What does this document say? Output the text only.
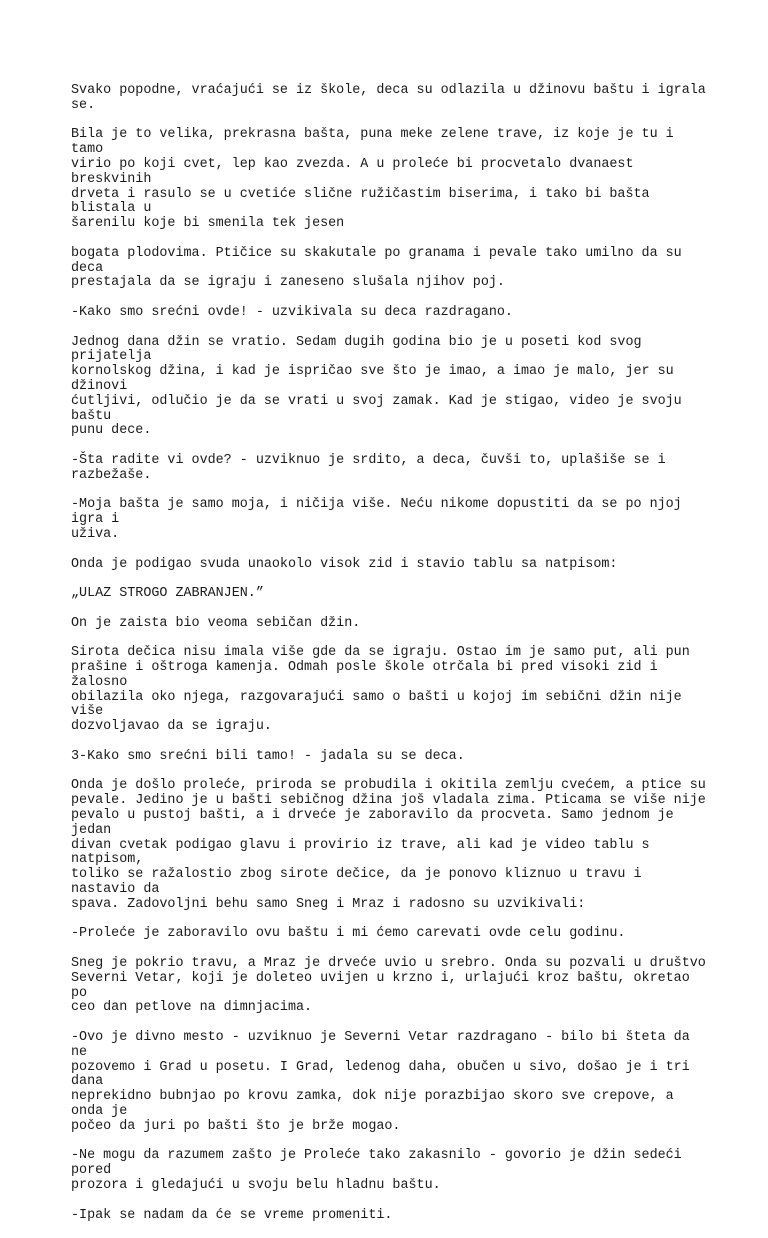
Svako popodne, vraćajući se iz škole, deca su odlazila u džinovu baštu i igrala se.

Bila je to velika, prekrasna bašta, puna meke zelene trave, iz koje je tu i tamo
virio po koji cvet, lep kao zvezda. A u proleće bi procvetalo dvanaest breskvinih
drveta i rasulo se u cvetiće slične ružičastim biserima, i tako bi bašta blistala u
šarenilu koje bi smenila tek jesen

bogata plodovima. Ptičice su skakutale po granama i pevale tako umilno da su deca
prestajala da se igraju i zaneseno slušala njihov poj.

-Kako smo srećni ovde! - uzvikivala su deca razdragano.

Jednog dana džin se vratio. Sedam dugih godina bio je u poseti kod svog prijatelja
kornolskog džina, i kad je ispričao sve što je imao, a imao je malo, jer su džinovi
ćutljivi, odlučio je da se vrati u svoj zamak. Kad je stigao, video je svoju baštu
punu dece.

-Šta radite vi ovde? - uzviknuo je srdito, a deca, čuvši to, uplašiše se i
razbežaše.

-Moja bašta je samo moja, i ničija više. Neću nikome dopustiti da se po njoj igra i
uživa.

Onda je podigao svuda unaokolo visok zid i stavio tablu sa natpisom:

„ULAZ STROGO ZABRANJEN.”

On je zaista bio veoma sebičan džin.

Sirota dečica nisu imala više gde da se igraju. Ostao im je samo put, ali pun
prašine i oštroga kamenja. Odmah posle škole otrčala bi pred visoki zid i žalosno
obilazila oko njega, razgovarajući samo o bašti u kojoj im sebični džin nije više
dozvoljavao da se igraju.

3-Kako smo srećni bili tamo! - jadala su se deca.

Onda je došlo proleće, priroda se probudila i okitila zemlju cvećem, a ptice su
pevale. Jedino je u bašti sebičnog džina još vladala zima. Pticama se više nije
pevalo u pustoj bašti, a i drveće je zaboravilo da procveta. Samo jednom je jedan
divan cvetak podigao glavu i provirio iz trave, ali kad je video tablu s natpisom,
toliko se ražalostio zbog sirote dečice, da je ponovo kliznuo u travu i nastavio da
spava. Zadovoljni behu samo Sneg i Mraz i radosno su uzvikivali:

-Proleće je zaboravilo ovu baštu i mi ćemo carevati ovde celu godinu.

Sneg je pokrio travu, a Mraz je drveće uvio u srebro. Onda su pozvali u društvo
Severni Vetar, koji je doleteo uvijen u krzno i, urlajući kroz baštu, okretao po
ceo dan petlove na dimnjacima.

-Ovo je divno mesto - uzviknuo je Severni Vetar razdragano - bilo bi šteta da ne
pozovemo i Grad u posetu. I Grad, ledenog daha, obučen u sivo, došao je i tri dana
neprekidno bubnjao po krovu zamka, dok nije porazbijao skoro sve crepove, a onda je
počeo da juri po bašti što je brže mogao.

-Ne mogu da razumem zašto je Proleće tako zakasnilo - govorio je džin sedeći pored
prozora i gledajući u svoju belu hladnu baštu.

-Ipak se nadam da će se vreme promeniti.
